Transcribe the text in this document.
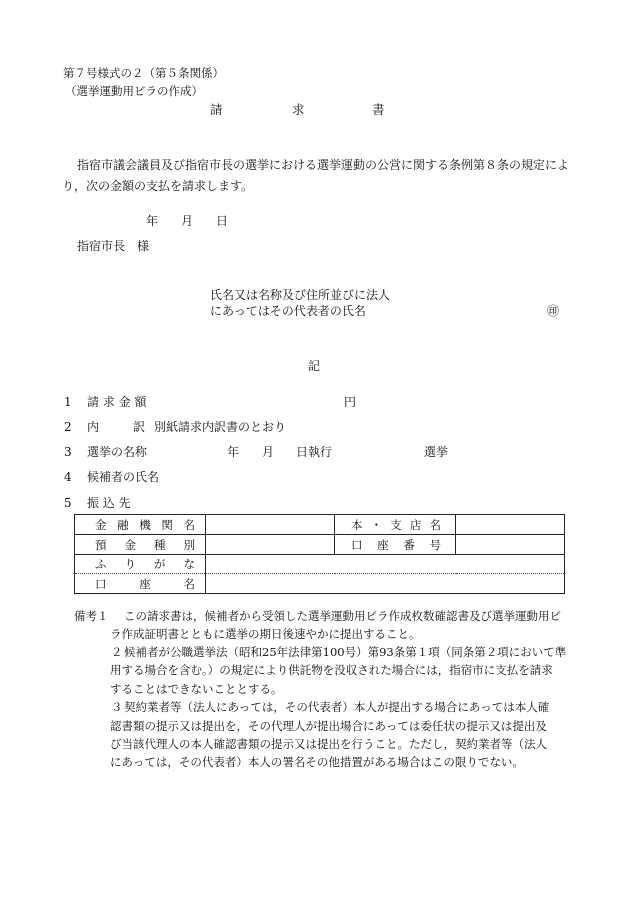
第７号様式の２（第５条関係）
（選挙運動用ビラの作成）
請	求	書
指宿市議会議員及び指宿市長の選挙における選挙運動の公営に関する条例第８条の規定によ
り，次の金額の支払を請求します。
年 月 日
指宿市長　様
氏名又は名称及び住所並びに法人
にあってはその代表者の氏名	㊞
記
1 請 求 金 額	円
2 内	訳 別紙請求内訳書のとおり
3 選挙の名称	年 月 日執行	選挙
4 候補者の氏名
5 振 込 先
金融機関名		本・支店名	
預金種別		口座番号	
ふりがな			
口座名			
備考１ この請求書は，候補者から受領した選挙運動用ビラ作成枚数確認書及び選挙運動用ビ
ラ作成証明書とともに選挙の期日後速やかに提出すること。
２ 候補者が公職選挙法（昭和25年法律第100号）第93条第１項（同条第２項において準
用する場合を含む。）の規定により供託物を没収された場合には，指宿市に支払を請求
することはできないこととする。
３ 契約業者等（法人にあっては，その代表者）本人が提出する場合にあっては本人確
認書類の提示又は提出を，その代理人が提出場合にあっては委任状の提示又は提出及
び当該代理人の本人確認書類の提示又は提出を行うこと。ただし，契約業者等（法人
にあっては，その代表者）本人の署名その他措置がある場合はこの限りでない。
